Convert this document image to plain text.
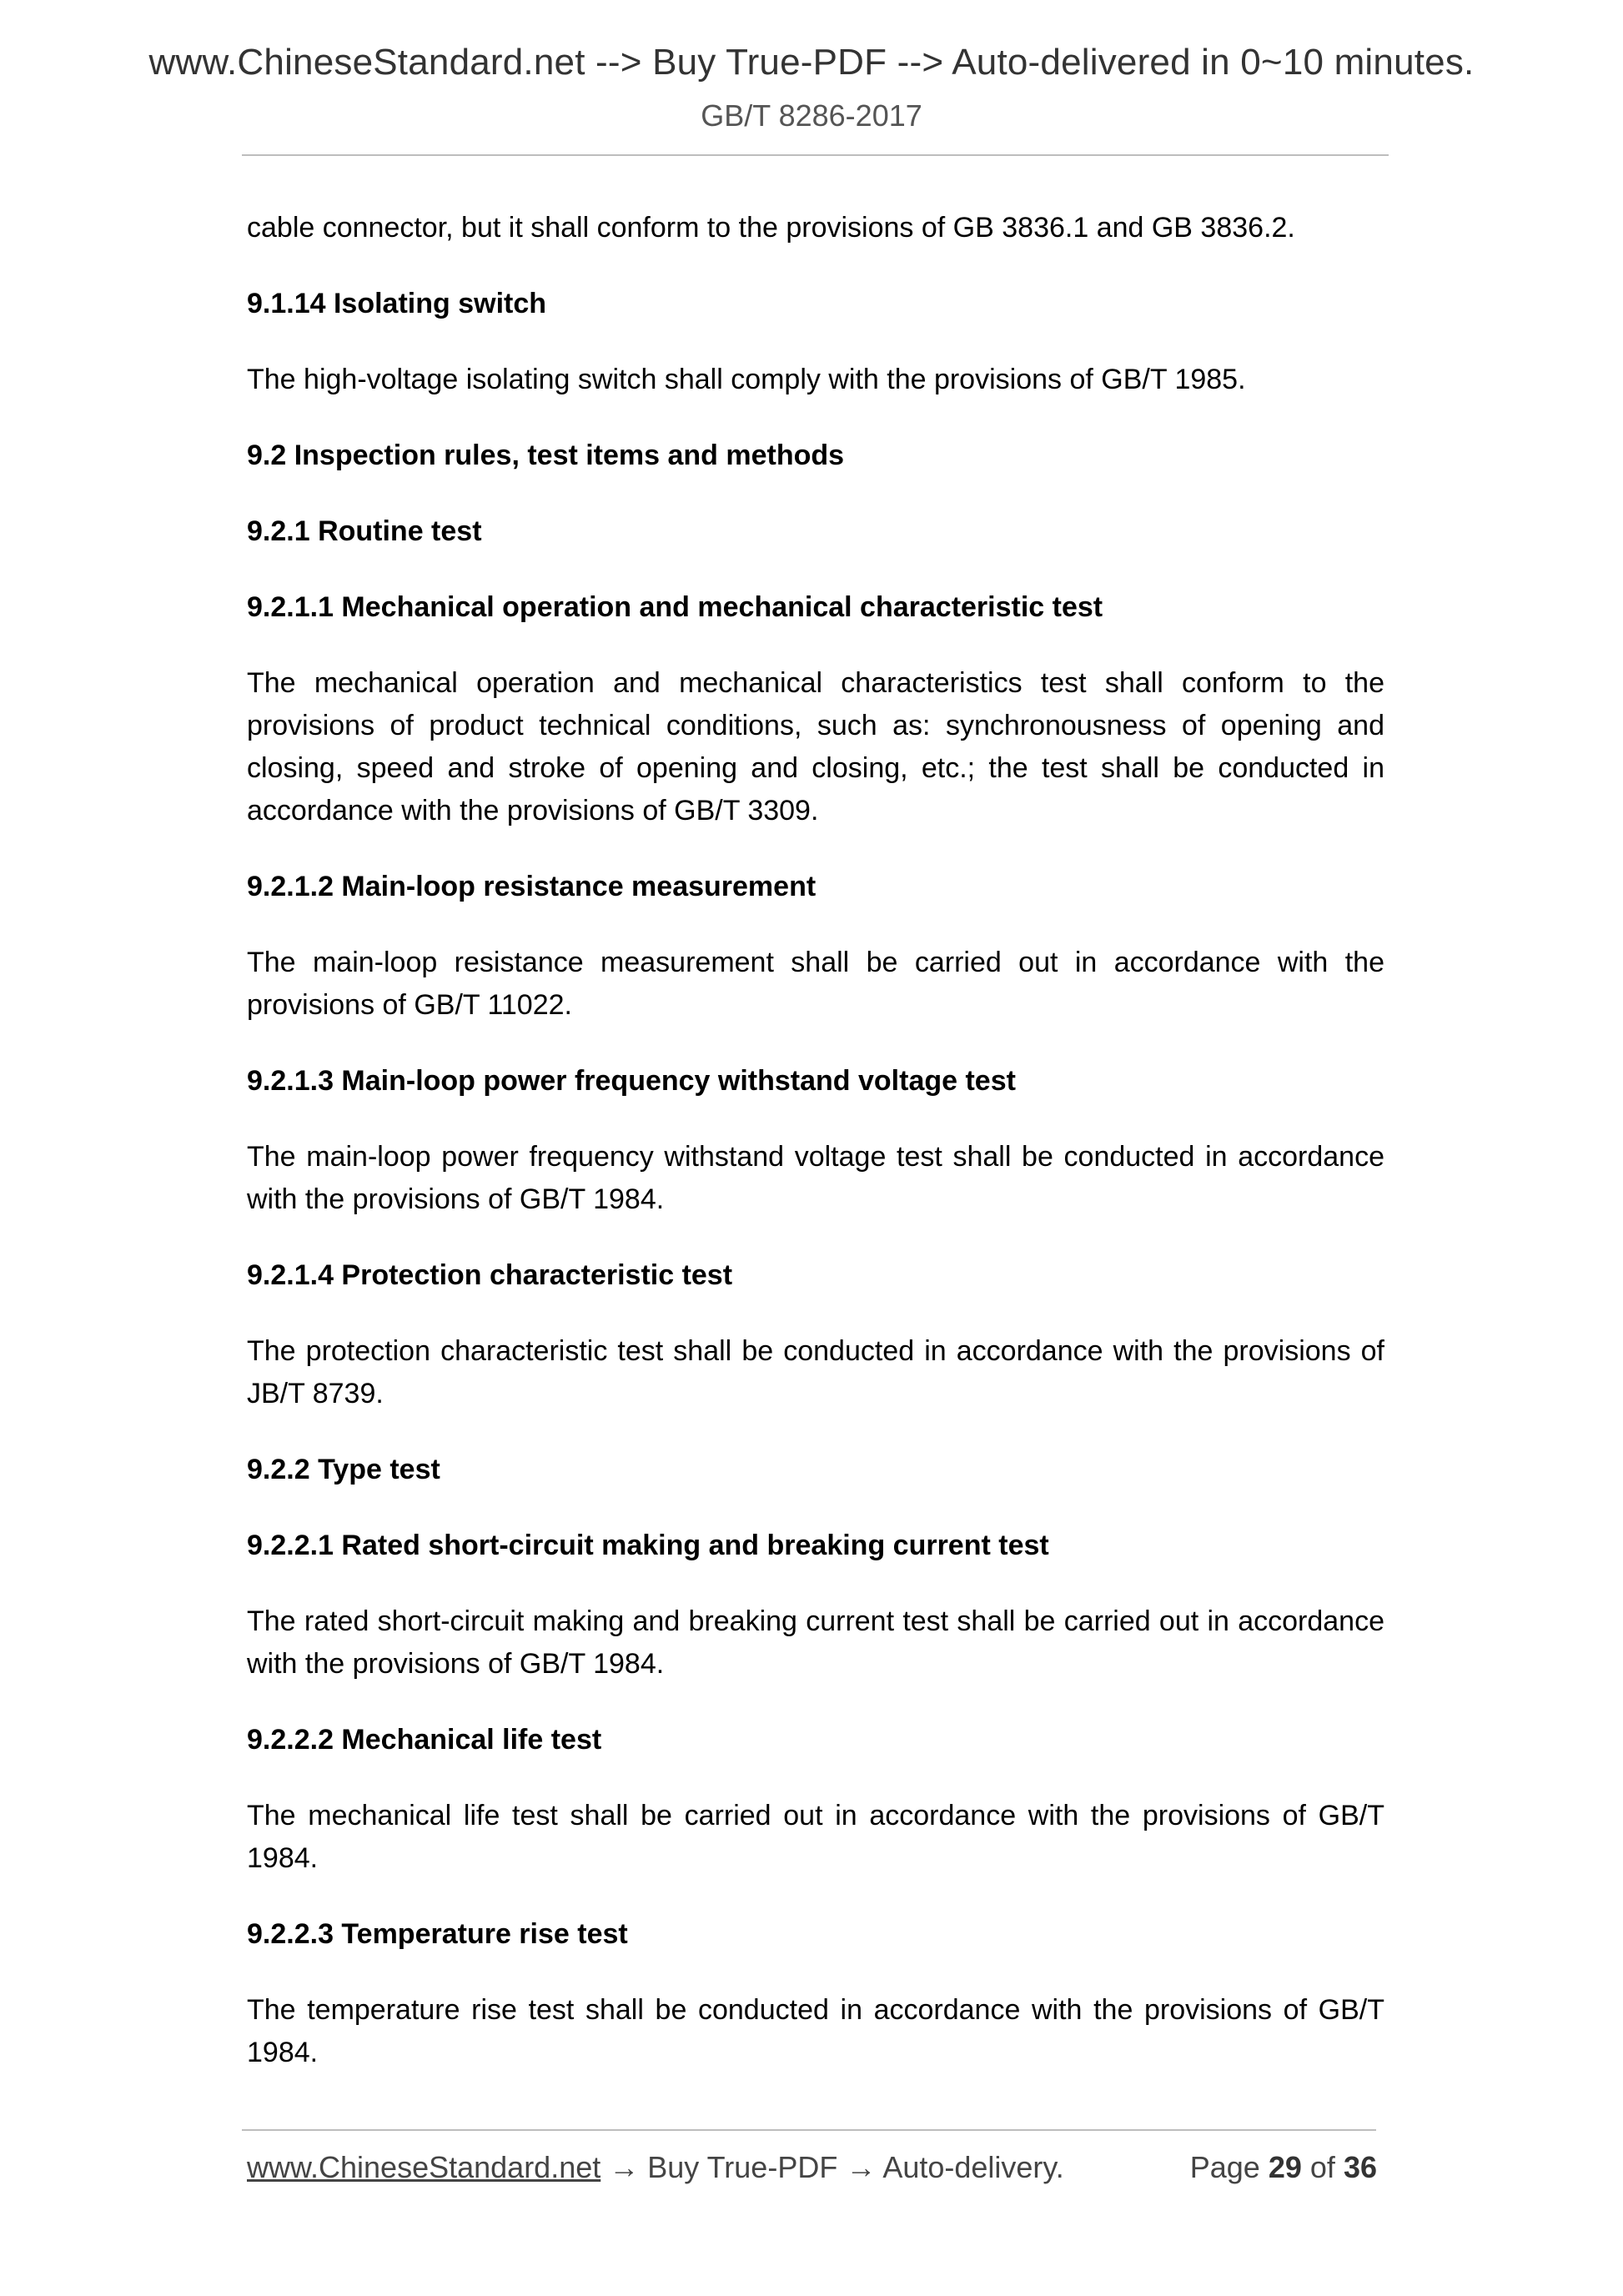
www.ChineseStandard.net --> Buy True-PDF --> Auto-delivered in 0~10 minutes.
GB/T 8286-2017

cable connector, but it shall conform to the provisions of GB 3836.1 and GB 3836.2.

9.1.14 Isolating switch

The high-voltage isolating switch shall comply with the provisions of GB/T 1985.

9.2 Inspection rules, test items and methods
9.2.1 Routine test
9.2.1.1 Mechanical operation and mechanical characteristic test

The mechanical operation and mechanical characteristics test shall conform to the provisions of product technical conditions, such as: synchronousness of opening and closing, speed and stroke of opening and closing, etc.; the test shall be conducted in accordance with the provisions of GB/T 3309.

9.2.1.2 Main-loop resistance measurement

The main-loop resistance measurement shall be carried out in accordance with the provisions of GB/T 11022.

9.2.1.3 Main-loop power frequency withstand voltage test

The main-loop power frequency withstand voltage test shall be conducted in accordance with the provisions of GB/T 1984.

9.2.1.4 Protection characteristic test

The protection characteristic test shall be conducted in accordance with the provisions of JB/T 8739.

9.2.2 Type test
9.2.2.1 Rated short-circuit making and breaking current test

The rated short-circuit making and breaking current test shall be carried out in accordance with the provisions of GB/T 1984.

9.2.2.2 Mechanical life test

The mechanical life test shall be carried out in accordance with the provisions of GB/T 1984.

9.2.2.3 Temperature rise test

The temperature rise test shall be conducted in accordance with the provisions of GB/T 1984.

www.ChineseStandard.net → Buy True-PDF → Auto-delivery.	Page 29 of 36
